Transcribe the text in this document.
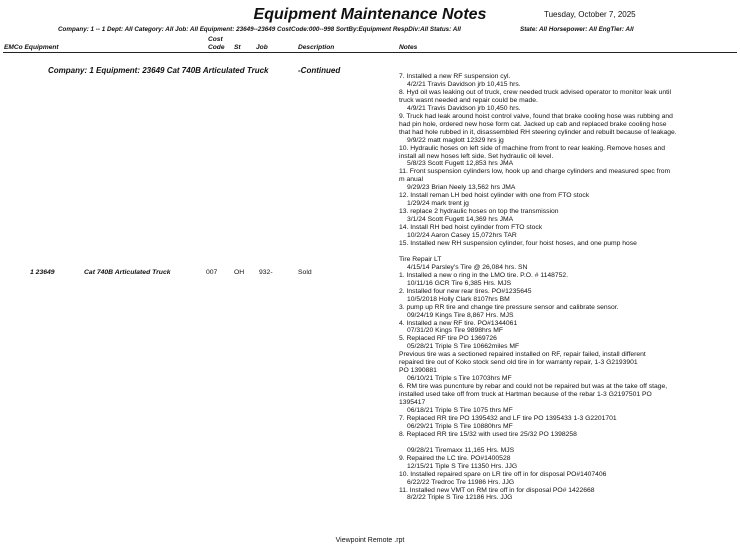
Equipment Maintenance Notes	Tuesday, October 7, 2025
Company: 1 -- 1 Dept: All Category: All Job: All Equipment: 23649--23649 CostCode:000--998 SortBy:Equipment RespDiv:All Status: All	State: All Horsepower: All EngTier: All
EMCo Equipment
Cost
Code St Job	Description	Notes
Company: 1 Equipment: 23649 Cat 740B Articulated Truck	-Continued
1 23649	Cat 740B Articulated Truck	007 OH 932-	Sold
7. Installed a new RF suspension cyl.
4/2/21 Travis Davidson jrb 10,415 hrs.
8. Hyd oil was leaking out of truck, crew needed truck advised operator to monitor leak until
truck wasnt needed and repair could be made.
4/9/21 Travis Davidson jrb 10,450 hrs.
9. Truck had leak around hoist control valve, found that brake cooling hose was rubbing and
had pin hole, ordered new hose form cat. Jacked up cab and replaced brake cooling hose
that had hole rubbed in it, disassembled RH steering cylinder and rebuilt because of leakage.
9/9/22 matt maglott 12329 hrs jg
10. Hydraulic hoses on left side of machine from front to rear leaking. Remove hoses and
install all new hoses left side. Set hydraulic oil level.
5/8/23 Scott Fugett 12,853 hrs JMA
11. Front suspension cylinders low, hook up and charge cylinders and measured spec from
m anual
9/29/23 Brian Neely 13,562 hrs JMA
12. Install reman LH bed hoist cylinder with one from FTO stock
1/29/24 mark trent jg
13. replace 2 hydraulic hoses on top the transmission
3/1/24 Scott Fugett 14,369 hrs JMA
14. Install RH bed hoist cylinder from FTO stock
10/2/24 Aaron Casey 15,072hrs TAR
15. Installed new RH suspension cylinder, four hoist hoses, and one pump hose
Tire Repair LT
4/15/14 Parsley's Tire @ 26,084 hrs. SN
1. Installed a new o ring in the LMO tire. P.O. # 1148752.
10/11/16 GCR Tire 6,385 Hrs. MJS
2. Installed four new rear tires. PO#1235645
10/5/2018 Holly Clark 8107hrs BM
3. pump up RR tire and change tire pressure sensor and calibrate sensor.
09/24/19 Kings Tire 8,867 Hrs. MJS
4. Installed a new RF tire. PO#1344061
07/31/20 Kings Tire 9898hrs MF
5. Replaced RF tire PO 1369726
05/28/21 Triple S Tire 10662miles MF
Previous tire was a sectioned repaired installed on RF, repair failed, install different
repaired tire out of Koko stock send old tire in for warranty repair, 1-3 G2193901
PO 1390881
06/10/21 Triple s Tire 10703hrs MF
6. RM tire was puncnture by rebar and could not be repaired but was at the take off stage,
installed used take off from truck at Hartman because of the rebar 1-3 G2197501 PO
1395417
06/18/21 Triple S Tire 1075 thrs MF
7. Replaced RR tire PO 1395432 and LF tire PO 1395433 1-3 G2201701
06/29/21 Triple S Tire 10880hrs MF
8. Replaced RR tire 15/32 with used tire 25/32 PO 1398258
09/28/21 Tiremaxx 11,165 Hrs. MJS
9. Repaired the LC tire. PO#1400528
12/15/21 Tiple S Tire 11350 Hrs. JJG
10. Installed repaired spare on LR tire off in for disposal PO#1407406
6/22/22 Tredroc Tre 11986 Hrs. JJG
11. Installed new VMT on RM tire off in for disposal PO# 1422668
8/2/22 Triple S Tire 12186 Hrs. JJG
Viewpoint Remote .rpt
